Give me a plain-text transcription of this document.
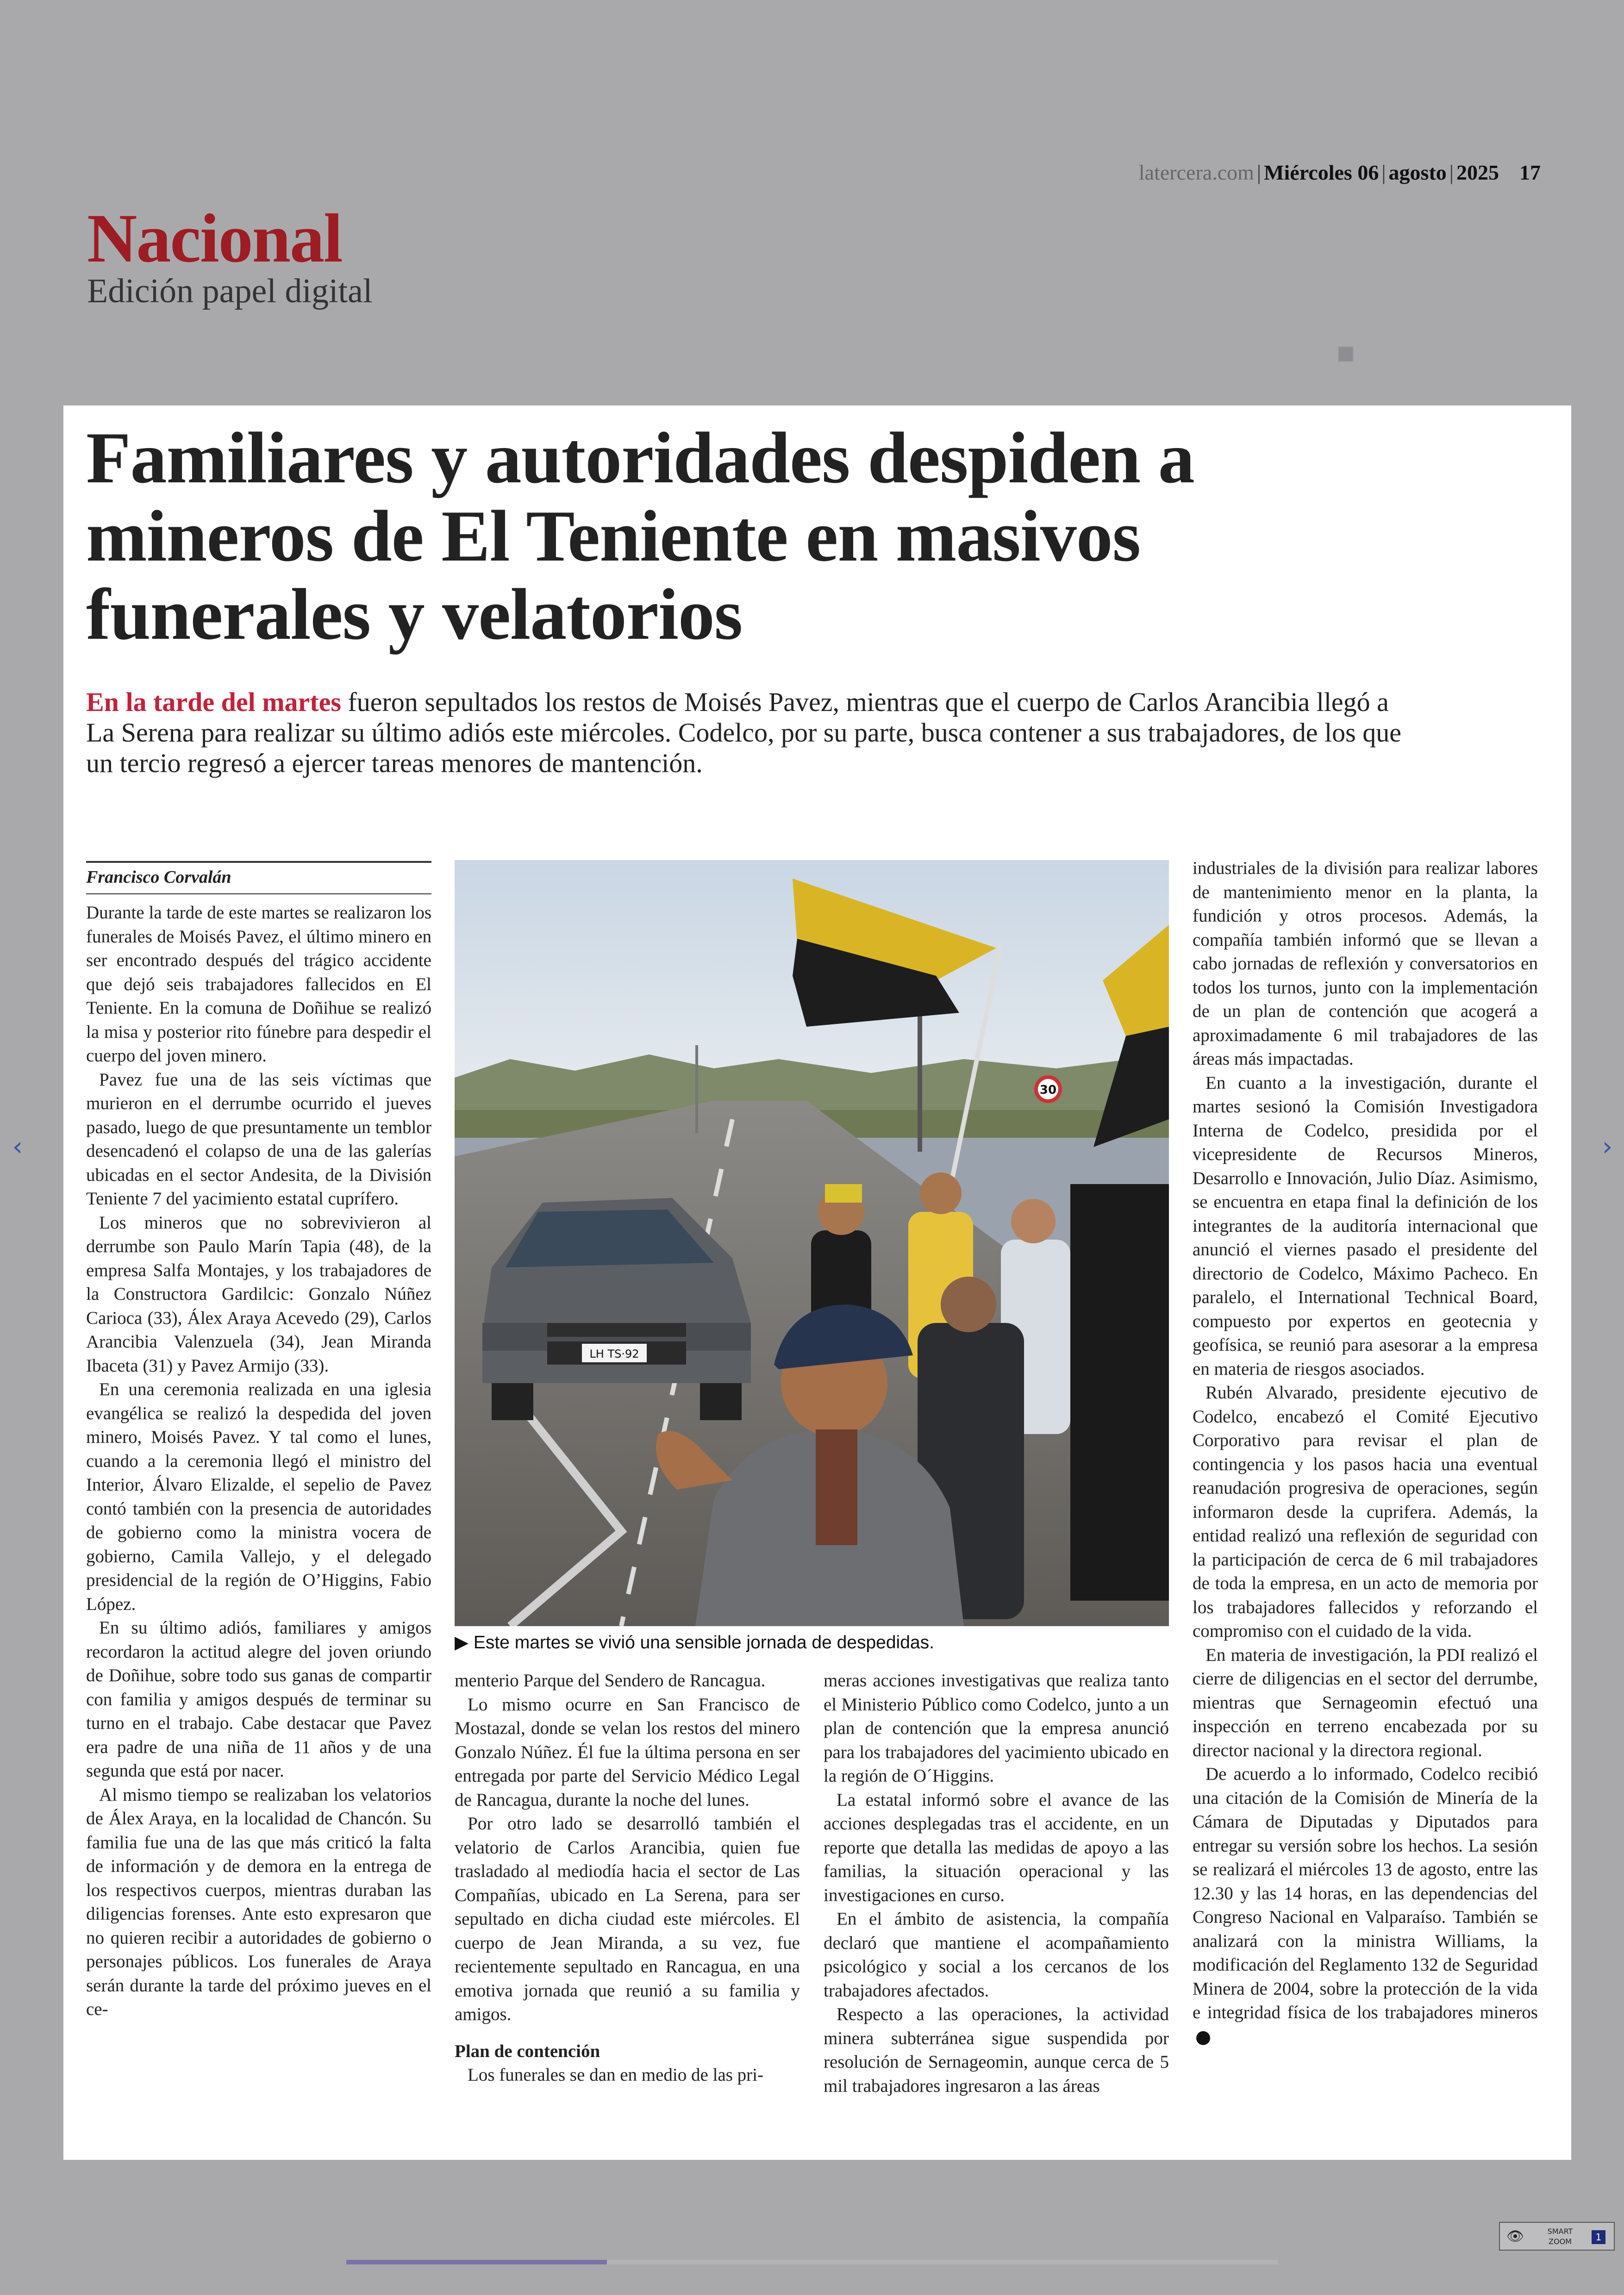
Nacional
Edición papel digital
latercera.com | Miércoles 06 | agosto | 2025 17
Familiares y autoridades despiden a mineros de El Teniente en masivos funerales y velatorios
En la tarde del martes fueron sepultados los restos de Moisés Pavez, mientras que el cuerpo de Carlos Arancibia llegó a La Serena para realizar su último adiós este miércoles. Codelco, por su parte, busca contener a sus trabajadores, de los que un tercio regresó a ejercer tareas menores de mantención.
Francisco Corvalán

Durante la tarde de este martes se realizaron los funerales de Moisés Pavez, el último minero en ser encontrado después del trágico accidente que dejó seis trabajadores fallecidos en El Teniente. En la comuna de Doñihue se realizó la misa y posterior rito fúnebre para despedir el cuerpo del joven minero.

Pavez fue una de las seis víctimas que murieron en el derrumbe ocurrido el jueves pasado, luego de que presuntamente un temblor desencadenó el colapso de una de las galerías ubicadas en el sector Andesita, de la División Teniente 7 del yacimiento estatal cuprífero.

Los mineros que no sobrevivieron al derrumbe son Paulo Marín Tapia (48), de la empresa Salfa Montajes, y los trabajadores de la Constructora Gardilcic: Gonzalo Núñez Carioca (33), Álex Araya Acevedo (29), Carlos Arancibia Valenzuela (34), Jean Miranda Ibaceta (31) y Pavez Armijo (33).

En una ceremonia realizada en una iglesia evangélica se realizó la despedida del joven minero, Moisés Pavez. Y tal como el lunes, cuando a la ceremonia llegó el ministro del Interior, Álvaro Elizalde, el sepelio de Pavez contó también con la presencia de autoridades de gobierno como la ministra vocera de gobierno, Camila Vallejo, y el delegado presidencial de la región de O’Higgins, Fabio López.

En su último adiós, familiares y amigos recordaron la actitud alegre del joven oriundo de Doñihue, sobre todo sus ganas de compartir con familia y amigos después de terminar su turno en el trabajo. Cabe destacar que Pavez era padre de una niña de 11 años y de una segunda que está por nacer.

Al mismo tiempo se realizaban los velatorios de Álex Araya, en la localidad de Chancón. Su familia fue una de las que más criticó la falta de información y de demora en la entrega de los respectivos cuerpos, mientras duraban las diligencias forenses. Ante esto expresaron que no quieren recibir a autoridades de gobierno o personajes públicos. Los funerales de Araya serán durante la tarde del próximo jueves en el ce-

30
LH TS·92
▶ Este martes se vivió una sensible jornada de despedidas.

menterio Parque del Sendero de Rancagua.

Lo mismo ocurre en San Francisco de Mostazal, donde se velan los restos del minero Gonzalo Núñez. Él fue la última persona en ser entregada por parte del Servicio Médico Legal de Rancagua, durante la noche del lunes.

Por otro lado se desarrolló también el velatorio de Carlos Arancibia, quien fue trasladado al mediodía hacia el sector de Las Compañías, ubicado en La Serena, para ser sepultado en dicha ciudad este miércoles. El cuerpo de Jean Miranda, a su vez, fue recientemente sepultado en Rancagua, en una emotiva jornada que reunió a su familia y amigos.

Plan de contención

Los funerales se dan en medio de las pri-

meras acciones investigativas que realiza tanto el Ministerio Público como Codelco, junto a un plan de contención que la empresa anunció para los trabajadores del yacimiento ubicado en la región de O´Higgins.

La estatal informó sobre el avance de las acciones desplegadas tras el accidente, en un reporte que detalla las medidas de apoyo a las familias, la situación operacional y las investigaciones en curso.

En el ámbito de asistencia, la compañía declaró que mantiene el acompañamiento psicológico y social a los cercanos de los trabajadores afectados.

Respecto a las operaciones, la actividad minera subterránea sigue suspendida por resolución de Sernageomin, aunque cerca de 5 mil trabajadores ingresaron a las áreas

industriales de la división para realizar labores de mantenimiento menor en la planta, la fundición y otros procesos. Además, la compañía también informó que se llevan a cabo jornadas de reflexión y conversatorios en todos los turnos, junto con la implementación de un plan de contención que acogerá a aproximadamente 6 mil trabajadores de las áreas más impactadas.

En cuanto a la investigación, durante el martes sesionó la Comisión Investigadora Interna de Codelco, presidida por el vicepresidente de Recursos Mineros, Desarrollo e Innovación, Julio Díaz. Asimismo, se encuentra en etapa final la definición de los integrantes de la auditoría internacional que anunció el viernes pasado el presidente del directorio de Codelco, Máximo Pacheco. En paralelo, el International Technical Board, compuesto por expertos en geotecnia y geofísica, se reunió para asesorar a la empresa en materia de riesgos asociados.

Rubén Alvarado, presidente ejecutivo de Codelco, encabezó el Comité Ejecutivo Corporativo para revisar el plan de contingencia y los pasos hacia una eventual reanudación progresiva de operaciones, según informaron desde la cuprifera. Además, la entidad realizó una reflexión de seguridad con la participación de cerca de 6 mil trabajadores de toda la empresa, en un acto de memoria por los trabajadores fallecidos y reforzando el compromiso con el cuidado de la vida.

En materia de investigación, la PDI realizó el cierre de diligencias en el sector del derrumbe, mientras que Sernageomin efectuó una inspección en terreno encabezada por su director nacional y la directora regional.

De acuerdo a lo informado, Codelco recibió una citación de la Comisión de Minería de la Cámara de Diputadas y Diputados para entregar su versión sobre los hechos. La sesión se realizará el miércoles 13 de agosto, entre las 12.30 y las 14 horas, en las dependencias del Congreso Nacional en Valparaíso. También se analizará con la ministra Williams, la modificación del Reglamento 132 de Seguridad Minera de 2004, sobre la protección de la vida e integridad física de los trabajadores mineros

‹	›
👁	SMART
ZOOM	1
